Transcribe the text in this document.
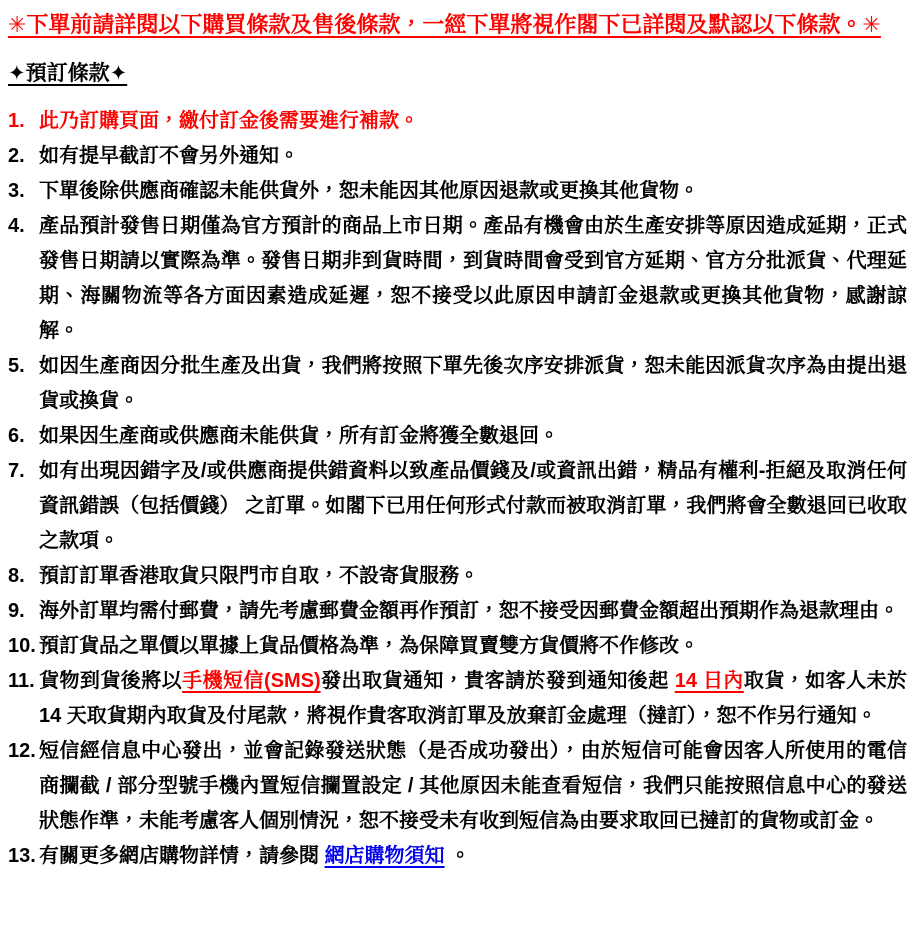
✳下單前請詳閱以下購買條款及售後條款，一經下單將視作閣下已詳閱及默認以下條款。✳
✦預訂條款✦
1. 此乃訂購頁面，繳付訂金後需要進行補款。
2. 如有提早截訂不會另外通知。
3. 下單後除供應商確認未能供貨外，恕未能因其他原因退款或更換其他貨物。
4. 產品預計發售日期僅為官方預計的商品上市日期。產品有機會由於生產安排等原因造成延期，正式發售日期請以實際為準。發售日期非到貨時間，到貨時間會受到官方延期、官方分批派貨、代理延期、海關物流等各方面因素造成延遲，恕不接受以此原因申請訂金退款或更換其他貨物，感謝諒解。
5. 如因生產商因分批生產及出貨，我們將按照下單先後次序安排派貨，恕未能因派貨次序為由提出退貨或換貨。
6. 如果因生產商或供應商未能供貨，所有訂金將獲全數退回。
7. 如有出現因錯字及/或供應商提供錯資料以致產品價錢及/或資訊出錯，精品有權利-拒絕及取消任何資訊錯誤（包括價錢） 之訂單。如閣下已用任何形式付款而被取消訂單，我們將會全數退回已收取之款項。
8. 預訂訂單香港取貨只限門市自取，不設寄貨服務。
9. 海外訂單均需付郵費，請先考慮郵費金額再作預訂，恕不接受因郵費金額超出預期作為退款理由。
10. 預訂貨品之單價以單據上貨品價格為準，為保障買賣雙方貨價將不作修改。
11. 貨物到貨後將以手機短信(SMS)發出取貨通知，貴客請於發到通知後起 14 日內取貨，如客人未於 14 天取貨期內取貨及付尾款，將視作貴客取消訂單及放棄訂金處理（撻訂），恕不作另行通知。
12. 短信經信息中心發出，並會記錄發送狀態（是否成功發出），由於短信可能會因客人所使用的電信商攔截 / 部分型號手機內置短信攔置設定 / 其他原因未能查看短信，我們只能按照信息中心的發送狀態作準，未能考慮客人個別情況，恕不接受未有收到短信為由要求取回已撻訂的貨物或訂金。
13. 有關更多網店購物詳情，請參閱 網店購物須知 。
